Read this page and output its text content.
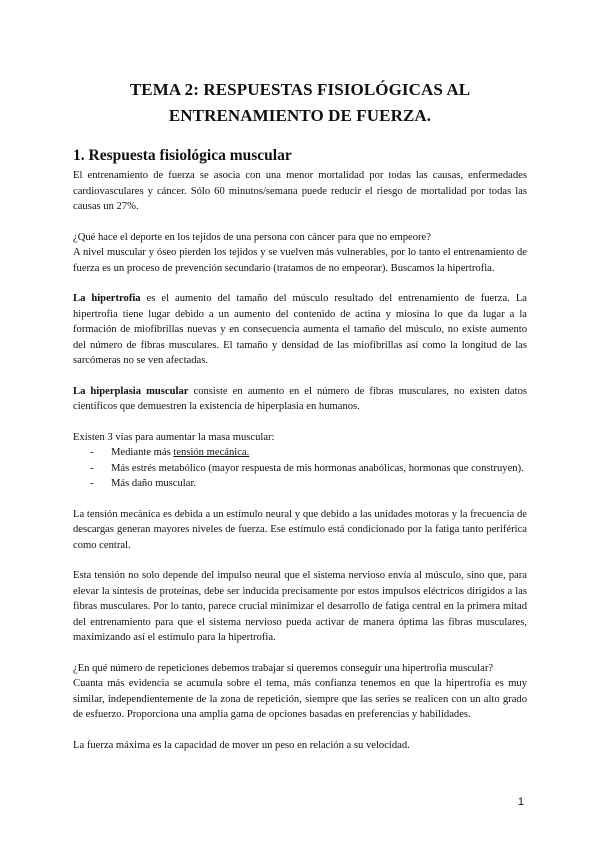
TEMA 2: RESPUESTAS FISIOLÓGICAS AL
ENTRENAMIENTO DE FUERZA.
1. Respuesta fisiológica muscular

El entrenamiento de fuerza se asocia con una menor mortalidad por todas las causas, enfermedades cardiovasculares y cáncer. Sólo 60 minutos/semana puede reducir el riesgo de mortalidad por todas las causas un 27%.

¿Qué hace el deporte en los tejidos de una persona con cáncer para que no empeore?

A nivel muscular y óseo pierden los tejidos y se vuelven más vulnerables, por lo tanto el entrenamiento de fuerza es un proceso de prevención secundario (tratamos de no empeorar). Buscamos la hipertrofia.

La hipertrofia es el aumento del tamaño del músculo resultado del entrenamiento de fuerza. La hipertrofia tiene lugar debido a un aumento del contenido de actina y miosina lo que da lugar a la formación de miofibrillas nuevas y en consecuencia aumenta el tamaño del músculo, no existe aumento del número de fibras musculares. El tamaño y densidad de las miofibrillas así como la longitud de las sarcómeras no se ven afectadas.

La hiperplasia muscular consiste en aumento en el número de fibras musculares, no existen datos científicos que demuestren la existencia de hiperplasia en humanos.

Existen 3 vías para aumentar la masa muscular:

- Mediante más tensión mecánica.
- Más estrés metabólico (mayor respuesta de mis hormonas anabólicas, hormonas que construyen).
- Más daño muscular.

La tensión mecánica es debida a un estímulo neural y que debido a las unidades motoras y la frecuencia de descargas generan mayores niveles de fuerza. Ese estímulo está condicionado por la fatiga tanto periférica como central.

Esta tensión no solo depende del impulso neural que el sistema nervioso envía al músculo, sino que, para elevar la síntesis de proteínas, debe ser inducida precisamente por estos impulsos eléctricos dirigidos a las fibras musculares. Por lo tanto, parece crucial minimizar el desarrollo de fatiga central en la primera mitad del entrenamiento para que el sistema nervioso pueda activar de manera óptima las fibras musculares, maximizando así el estímulo para la hipertrofia.

¿En qué número de repeticiones debemos trabajar si queremos conseguir una hipertrofia muscular?

Cuanta más evidencia se acumula sobre el tema, más confianza tenemos en que la hipertrofia es muy similar, independientemente de la zona de repetición, siempre que las series se realicen con un alto grado de esfuerzo. Proporciona una amplia gama de opciones basadas en preferencias y habilidades.

La fuerza máxima es la capacidad de mover un peso en relación a su velocidad.

1
